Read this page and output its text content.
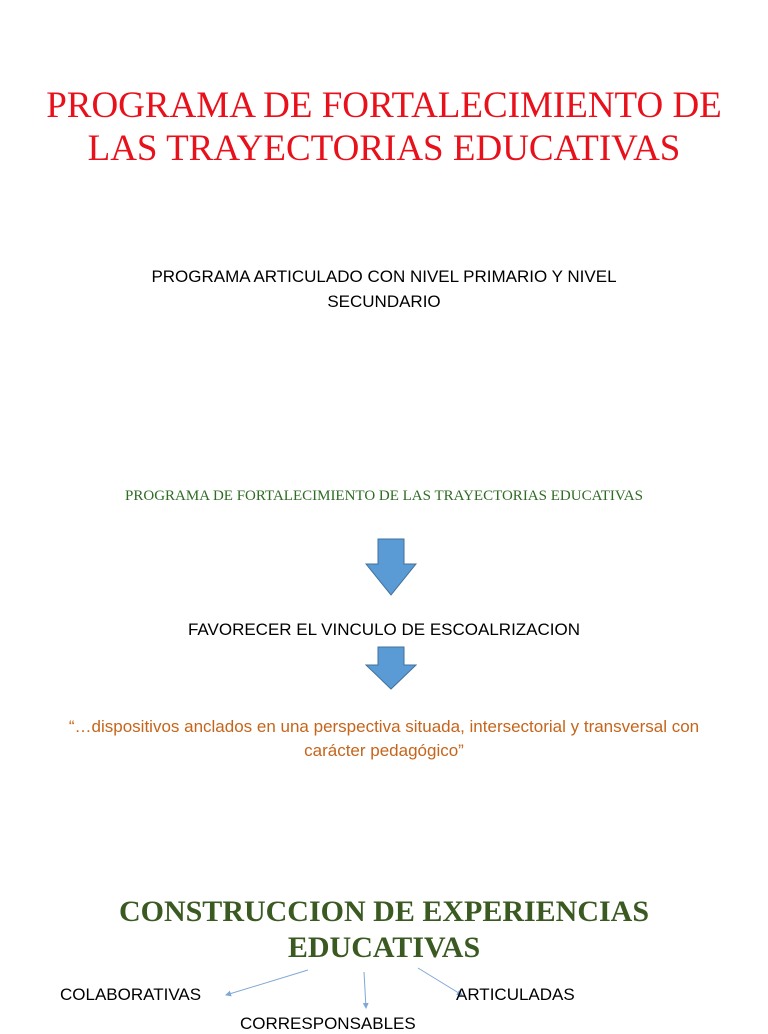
PROGRAMA DE FORTALECIMIENTO DE LAS TRAYECTORIAS EDUCATIVAS

PROGRAMA ARTICULADO CON NIVEL PRIMARIO Y NIVEL SECUNDARIO

PROGRAMA DE FORTALECIMIENTO DE LAS TRAYECTORIAS EDUCATIVAS

FAVORECER EL VINCULO DE ESCOALRIZACION

“…dispositivos anclados en una perspectiva situada, intersectorial y transversal con carácter pedagógico”

CONSTRUCCION DE EXPERIENCIAS EDUCATIVAS
COLABORATIVAS	ARTICULADAS
CORRESPONSABLES
